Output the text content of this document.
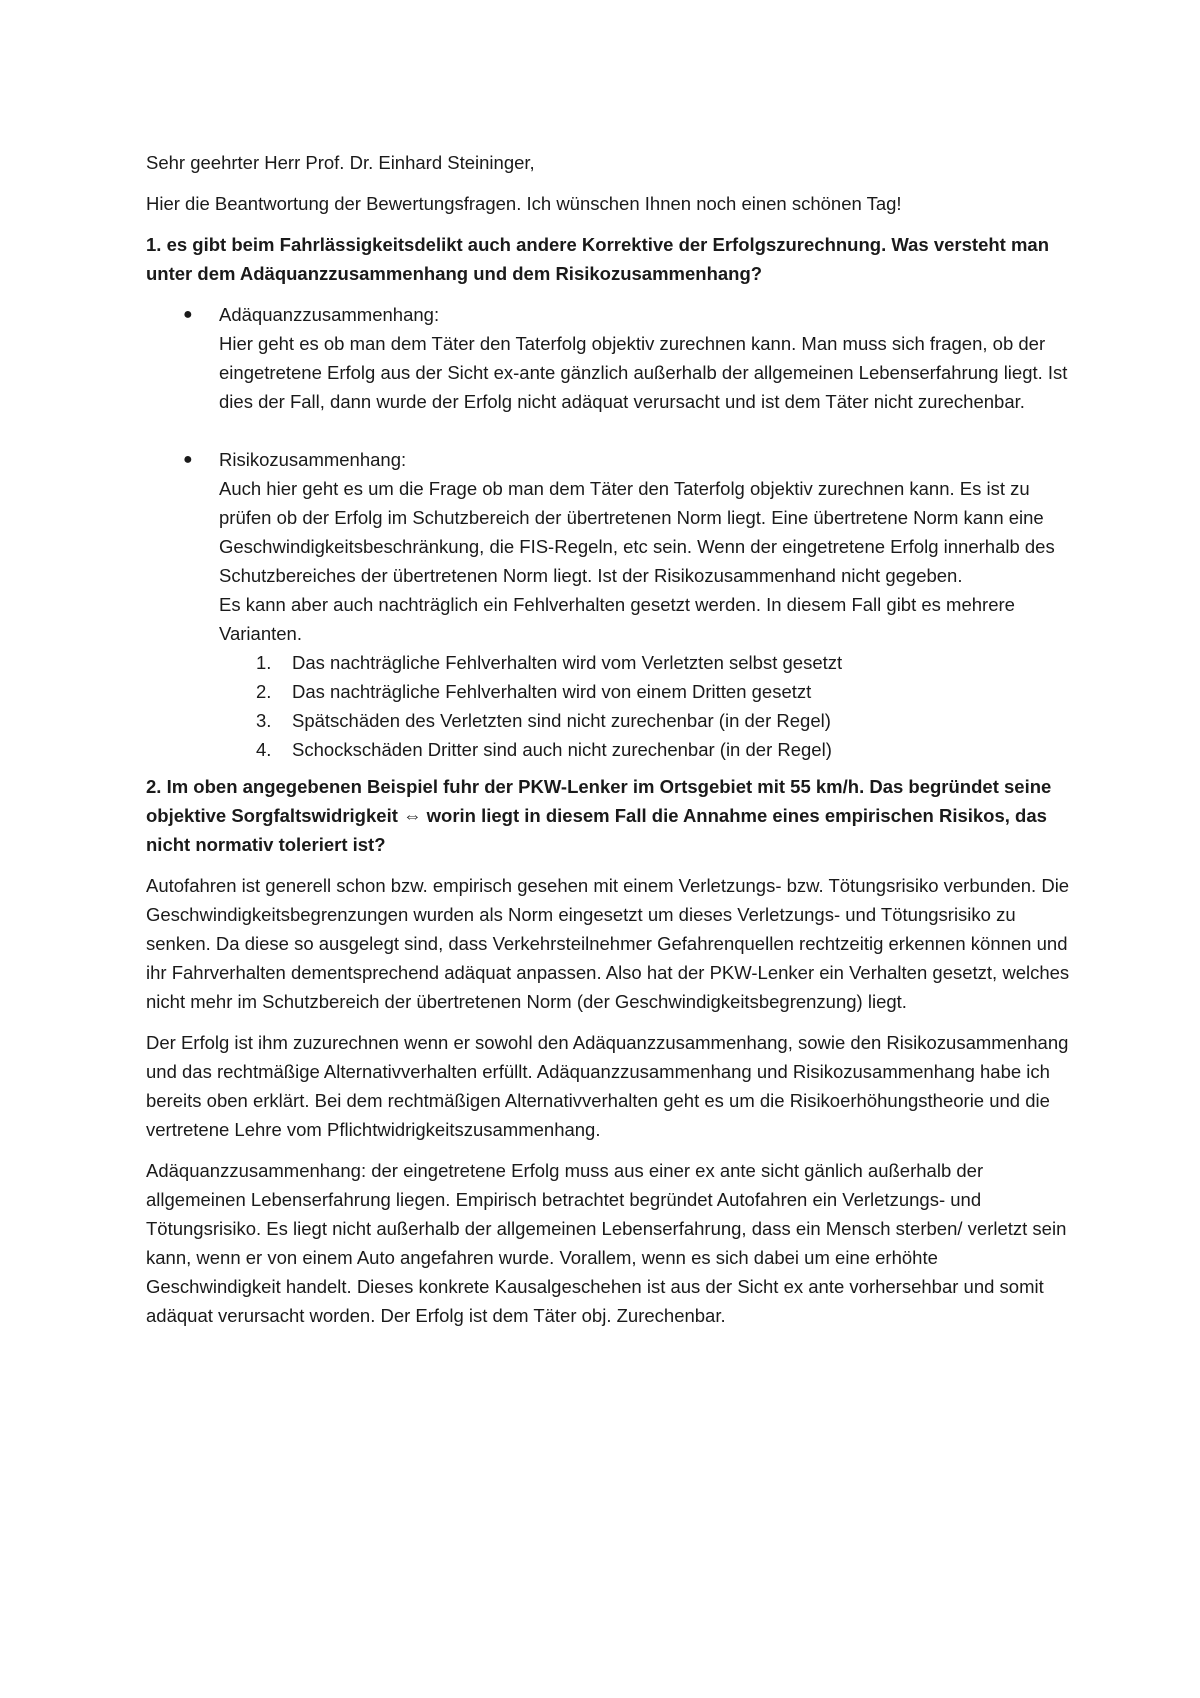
Sehr geehrter Herr Prof. Dr. Einhard Steininger,

Hier die Beantwortung der Bewertungsfragen. Ich wünschen Ihnen noch einen schönen Tag!

1. es gibt beim Fahrlässigkeitsdelikt auch andere Korrektive der Erfolgszurechnung. Was versteht man unter dem Adäquanzzusammenhang und dem Risikozusammenhang?

● Adäquanzzusammenhang:

Hier geht es ob man dem Täter den Taterfolg objektiv zurechnen kann. Man muss sich fragen, ob der eingetretene Erfolg aus der Sicht ex-ante gänzlich außerhalb der allgemeinen Lebenserfahrung liegt. Ist dies der Fall, dann wurde der Erfolg nicht adäquat verursacht und ist dem Täter nicht zurechenbar.

● Risikozusammenhang:

Auch hier geht es um die Frage ob man dem Täter den Taterfolg objektiv zurechnen kann. Es ist zu prüfen ob der Erfolg im Schutzbereich der übertretenen Norm liegt. Eine übertretene Norm kann eine Geschwindigkeitsbeschränkung, die FIS-Regeln, etc sein. Wenn der eingetretene Erfolg innerhalb des Schutzbereiches der übertretenen Norm liegt. Ist der Risikozusammenhand nicht gegeben.

Es kann aber auch nachträglich ein Fehlverhalten gesetzt werden. In diesem Fall gibt es mehrere Varianten.

1. Das nachträgliche Fehlverhalten wird vom Verletzten selbst gesetzt
2. Das nachträgliche Fehlverhalten wird von einem Dritten gesetzt
3. Spätschäden des Verletzten sind nicht zurechenbar (in der Regel)
4. Schockschäden Dritter sind auch nicht zurechenbar (in der Regel)

2. Im oben angegebenen Beispiel fuhr der PKW-Lenker im Ortsgebiet mit 55 km/h. Das begründet seine objektive Sorgfaltswidrigkeit ⇔ worin liegt in diesem Fall die Annahme eines empirischen Risikos, das nicht normativ toleriert ist?

Autofahren ist generell schon bzw. empirisch gesehen mit einem Verletzungs- bzw. Tötungsrisiko verbunden. Die Geschwindigkeitsbegrenzungen wurden als Norm eingesetzt um dieses Verletzungs- und Tötungsrisiko zu senken. Da diese so ausgelegt sind, dass Verkehrsteilnehmer Gefahrenquellen rechtzeitig erkennen können und ihr Fahrverhalten dementsprechend adäquat anpassen. Also hat der PKW-Lenker ein Verhalten gesetzt, welches nicht mehr im Schutzbereich der übertretenen Norm (der Geschwindigkeitsbegrenzung) liegt.

Der Erfolg ist ihm zuzurechnen wenn er sowohl den Adäquanzzusammenhang, sowie den Risikozusammenhang und das rechtmäßige Alternativverhalten erfüllt. Adäquanzzusammenhang und Risikozusammenhang habe ich bereits oben erklärt. Bei dem rechtmäßigen Alternativverhalten geht es um die Risikoerhöhungstheorie und die vertretene Lehre vom Pflichtwidrigkeitszusammenhang.

Adäquanzzusammenhang: der eingetretene Erfolg muss aus einer ex ante sicht gänlich außerhalb der allgemeinen Lebenserfahrung liegen. Empirisch betrachtet begründet Autofahren ein Verletzungs- und Tötungsrisiko. Es liegt nicht außerhalb der allgemeinen Lebenserfahrung, dass ein Mensch sterben/ verletzt sein kann, wenn er von einem Auto angefahren wurde. Vorallem, wenn es sich dabei um eine erhöhte Geschwindigkeit handelt. Dieses konkrete Kausalgeschehen ist aus der Sicht ex ante vorhersehbar und somit adäquat verursacht worden. Der Erfolg ist dem Täter obj. Zurechenbar.
